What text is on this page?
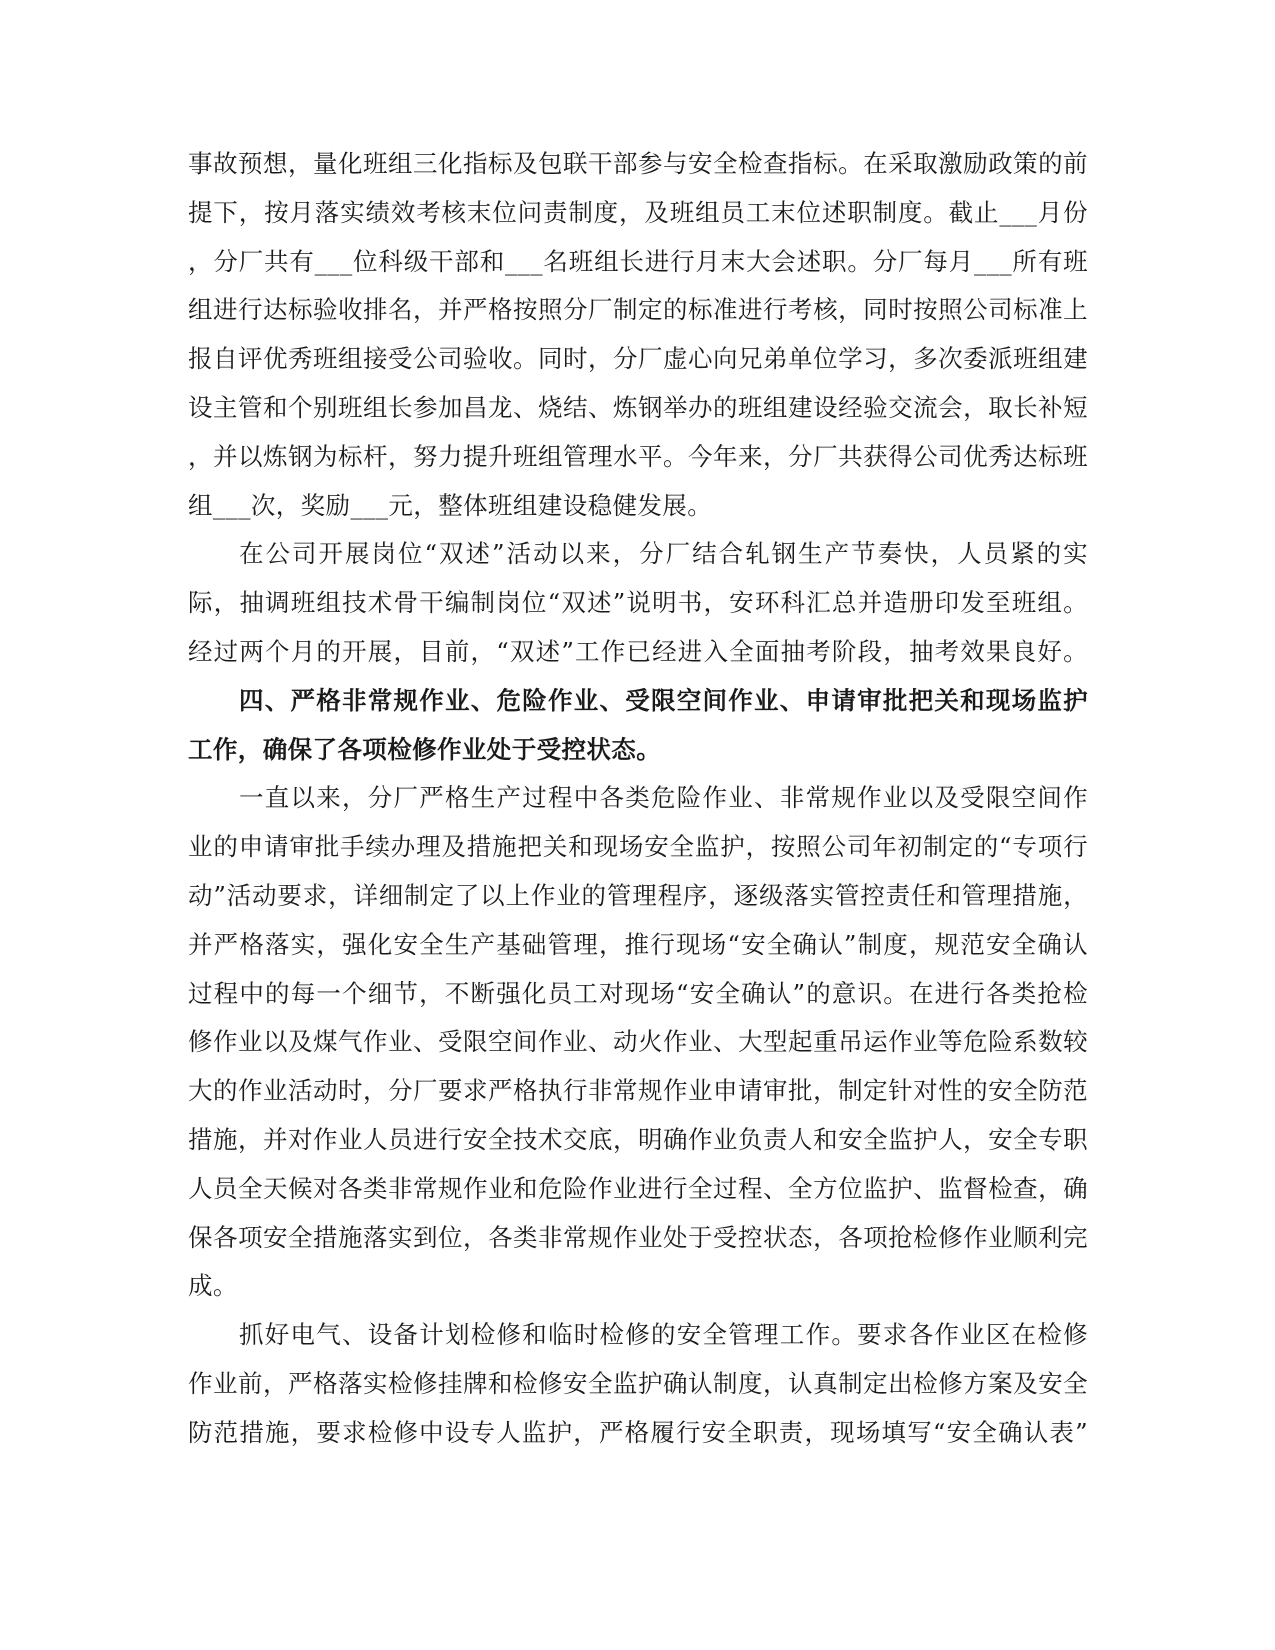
事故预想，量化班组三化指标及包联干部参与安全检查指标。在采取激励政策的前
提下，按月落实绩效考核末位问责制度，及班组员工末位述职制度。截止___月份
，分厂共有___位科级干部和___名班组长进行月末大会述职。分厂每月___所有班
组进行达标验收排名，并严格按照分厂制定的标准进行考核，同时按照公司标准上
报自评优秀班组接受公司验收。同时，分厂虚心向兄弟单位学习，多次委派班组建
设主管和个别班组长参加昌龙、烧结、炼钢举办的班组建设经验交流会，取长补短
，并以炼钢为标杆，努力提升班组管理水平。今年来，分厂共获得公司优秀达标班
组___次，奖励___元，整体班组建设稳健发展。
在公司开展岗位“双述”活动以来，分厂结合轧钢生产节奏快，人员紧的实
际，抽调班组技术骨干编制岗位“双述”说明书，安环科汇总并造册印发至班组。
经过两个月的开展，目前，“双述”工作已经进入全面抽考阶段，抽考效果良好。
四、严格非常规作业、危险作业、受限空间作业、申请审批把关和现场监护
工作，确保了各项检修作业处于受控状态。
一直以来，分厂严格生产过程中各类危险作业、非常规作业以及受限空间作
业的申请审批手续办理及措施把关和现场安全监护，按照公司年初制定的“专项行
动”活动要求，详细制定了以上作业的管理程序，逐级落实管控责任和管理措施，
并严格落实，强化安全生产基础管理，推行现场“安全确认”制度，规范安全确认
过程中的每一个细节，不断强化员工对现场“安全确认”的意识。在进行各类抢检
修作业以及煤气作业、受限空间作业、动火作业、大型起重吊运作业等危险系数较
大的作业活动时，分厂要求严格执行非常规作业申请审批，制定针对性的安全防范
措施，并对作业人员进行安全技术交底，明确作业负责人和安全监护人，安全专职
人员全天候对各类非常规作业和危险作业进行全过程、全方位监护、监督检查，确
保各项安全措施落实到位，各类非常规作业处于受控状态，各项抢检修作业顺利完
成。
抓好电气、设备计划检修和临时检修的安全管理工作。要求各作业区在检修
作业前，严格落实检修挂牌和检修安全监护确认制度，认真制定出检修方案及安全
防范措施，要求检修中设专人监护，严格履行安全职责，现场填写“安全确认表”
